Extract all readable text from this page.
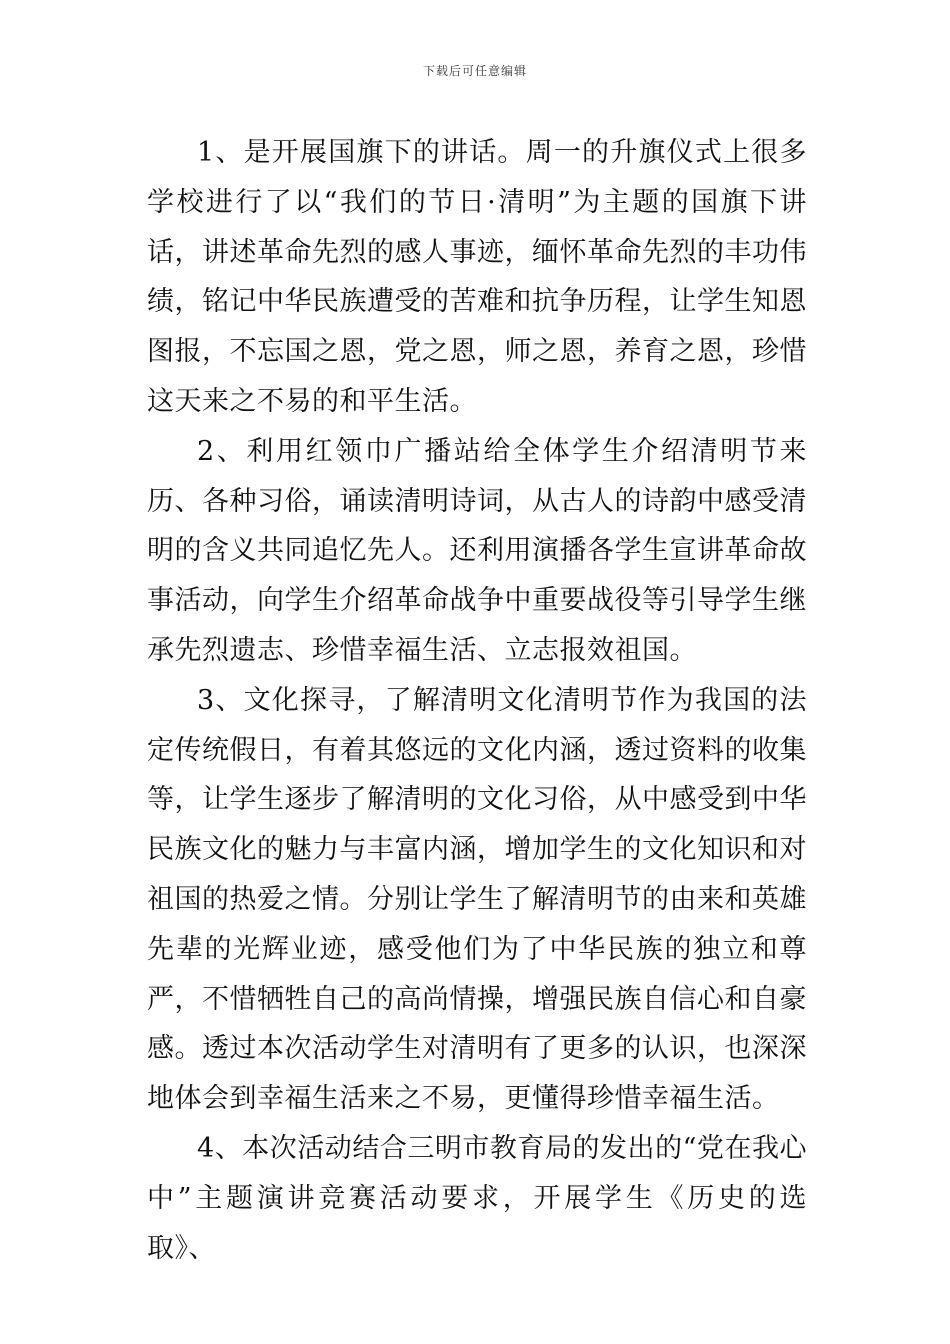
下载后可任意编辑

1、是开展国旗下的讲话。周一的升旗仪式上很多学校进行了以“我们的节日·清明”为主题的国旗下讲话，讲述革命先烈的感人事迹，缅怀革命先烈的丰功伟绩，铭记中华民族遭受的苦难和抗争历程，让学生知恩图报，不忘国之恩，党之恩，师之恩，养育之恩，珍惜这天来之不易的和平生活。

2、利用红领巾广播站给全体学生介绍清明节来历、各种习俗，诵读清明诗词，从古人的诗韵中感受清明的含义共同追忆先人。还利用演播各学生宣讲革命故事活动，向学生介绍革命战争中重要战役等引导学生继承先烈遗志、珍惜幸福生活、立志报效祖国。

3、文化探寻，了解清明文化清明节作为我国的法定传统假日，有着其悠远的文化内涵，透过资料的收集等，让学生逐步了解清明的文化习俗，从中感受到中华民族文化的魅力与丰富内涵，增加学生的文化知识和对祖国的热爱之情。分别让学生了解清明节的由来和英雄先辈的光辉业迹，感受他们为了中华民族的独立和尊严，不惜牺牲自己的高尚情操，增强民族自信心和自豪感。透过本次活动学生对清明有了更多的认识，也深深地体会到幸福生活来之不易，更懂得珍惜幸福生活。

4、本次活动结合三明市教育局的发出的“党在我心中”主题演讲竞赛活动要求，开展学生《历史的选取》、
